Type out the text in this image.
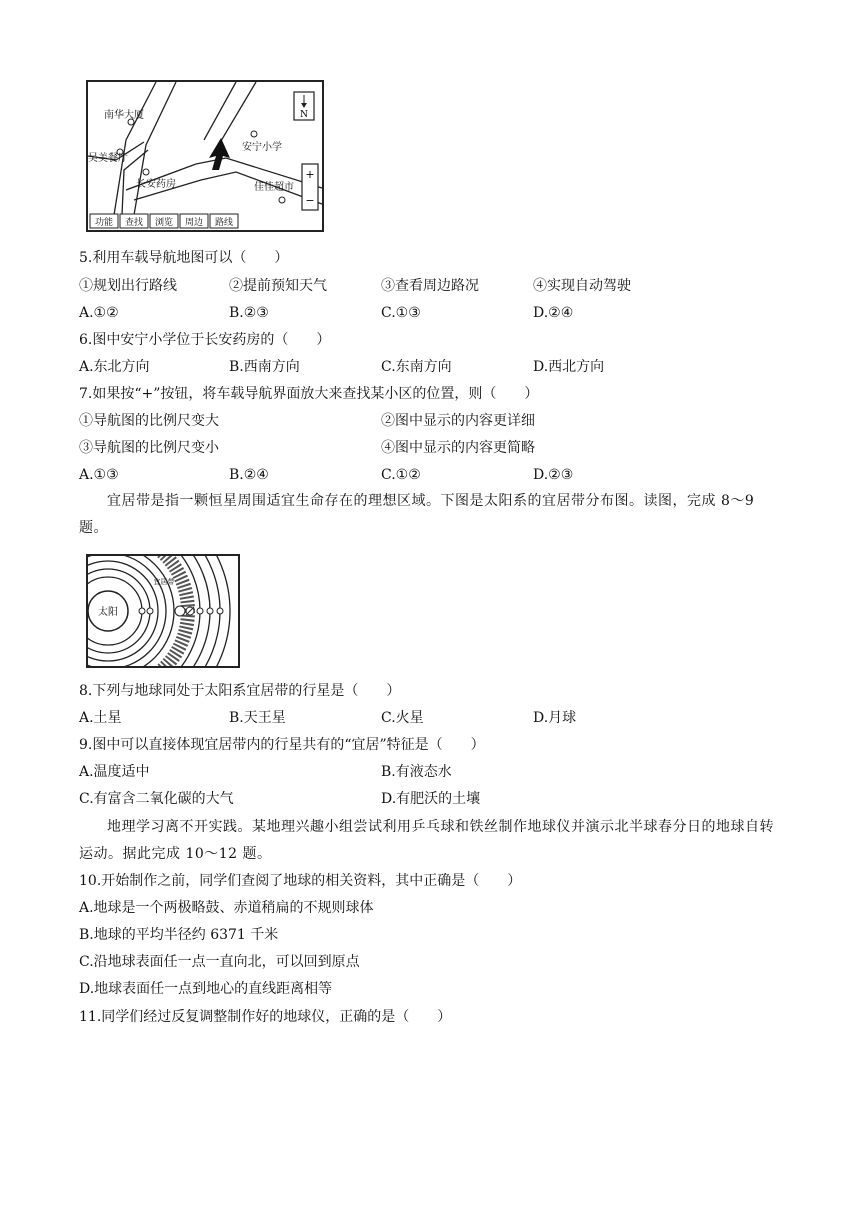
N
+
−
南华大厦
吴美餐厅
长安药房
安宁小学
佳佳超市
功能 查找 浏览 周边 路线
5.利用车载导航地图可以（　　）
①规划出行路线	②提前预知天气	③查看周边路况	④实现自动驾驶
A.①②	B.②③	C.①③	D.②④
6.图中安宁小学位于长安药房的（　　）
A.东北方向	B.西南方向	C.东南方向	D.西北方向
7.如果按“+”按钮，将车载导航界面放大来查找某小区的位置，则（　　）
①导航图的比例尺变大	②图中显示的内容更详细
③导航图的比例尺变小	④图中显示的内容更简略
A.①③	B.②④	C.①②	D.②③
宜居带是指一颗恒星周围适宜生命存在的理想区域。下图是太阳系的宜居带分布图。读图，完成 8～9 题。
太阳
宜居带
8.下列与地球同处于太阳系宜居带的行星是（　　）
A.土星	B.天王星	C.火星	D.月球
9.图中可以直接体现宜居带内的行星共有的“宜居”特征是（　　）
A.温度适中	B.有液态水
C.有富含二氧化碳的大气	D.有肥沃的土壤
地理学习离不开实践。某地理兴趣小组尝试利用乒乓球和铁丝制作地球仪并演示北半球春分日的地球自转运动。据此完成 10～12 题。
10.开始制作之前，同学们查阅了地球的相关资料，其中正确是（　　）
A.地球是一个两极略鼓、赤道稍扁的不规则球体
B.地球的平均半径约 6371 千米
C.沿地球表面任一点一直向北，可以回到原点
D.地球表面任一点到地心的直线距离相等
11.同学们经过反复调整制作好的地球仪，正确的是（　　）
